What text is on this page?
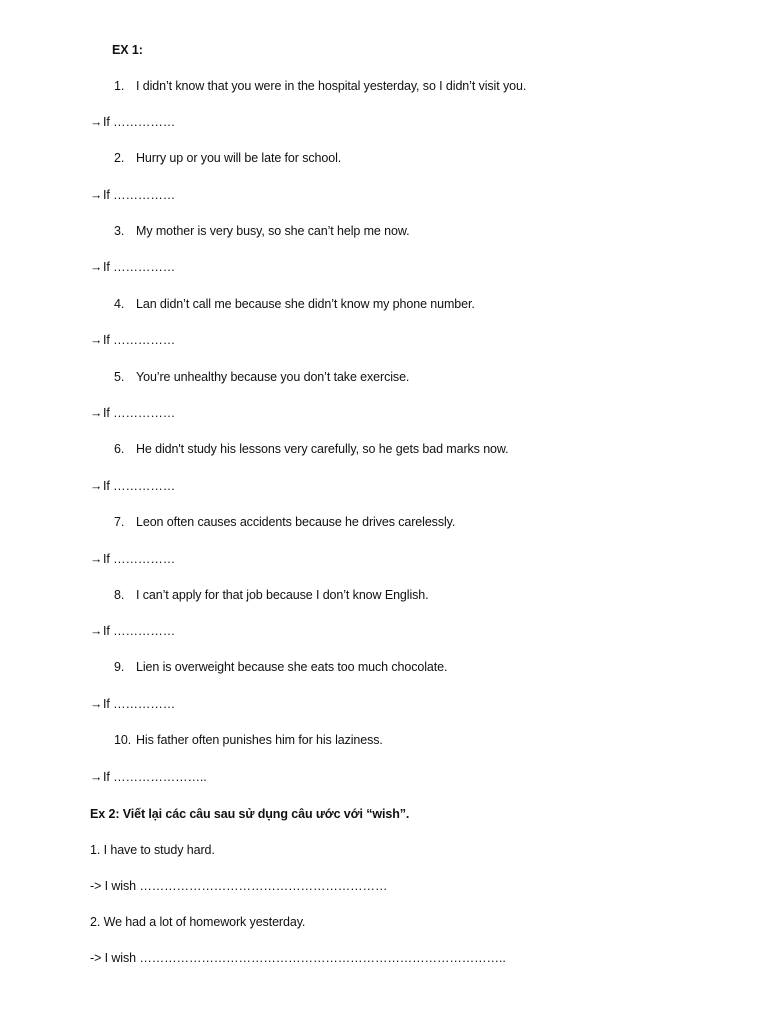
EX 1:
1. I didn’t know that you were in the hospital yesterday, so I didn’t visit you.
→If ……………
2. Hurry up or you will be late for school.
→If ……………
3. My mother is very busy, so she can’t help me now.
→If ……………
4. Lan didn’t call me because she didn’t know my phone number.
→If ……………
5. You’re unhealthy because you don’t take exercise.
→If ……………
6. He didn't study his lessons very carefully, so he gets bad marks now.
→If ……………
7. Leon often causes accidents because he drives carelessly.
→If ……………
8. I can’t apply for that job because I don’t know English.
→If ……………
9. Lien is overweight because she eats too much chocolate.
→If ……………
10. His father often punishes him for his laziness.
→If …………………..
Ex 2: Viết lại các câu sau sử dụng câu ước với “wish”.
1. I have to study hard.
-> I wish ……………………………………………………
2. We had a lot of homework yesterday.
-> I wish ……………………………………………………………………………..
